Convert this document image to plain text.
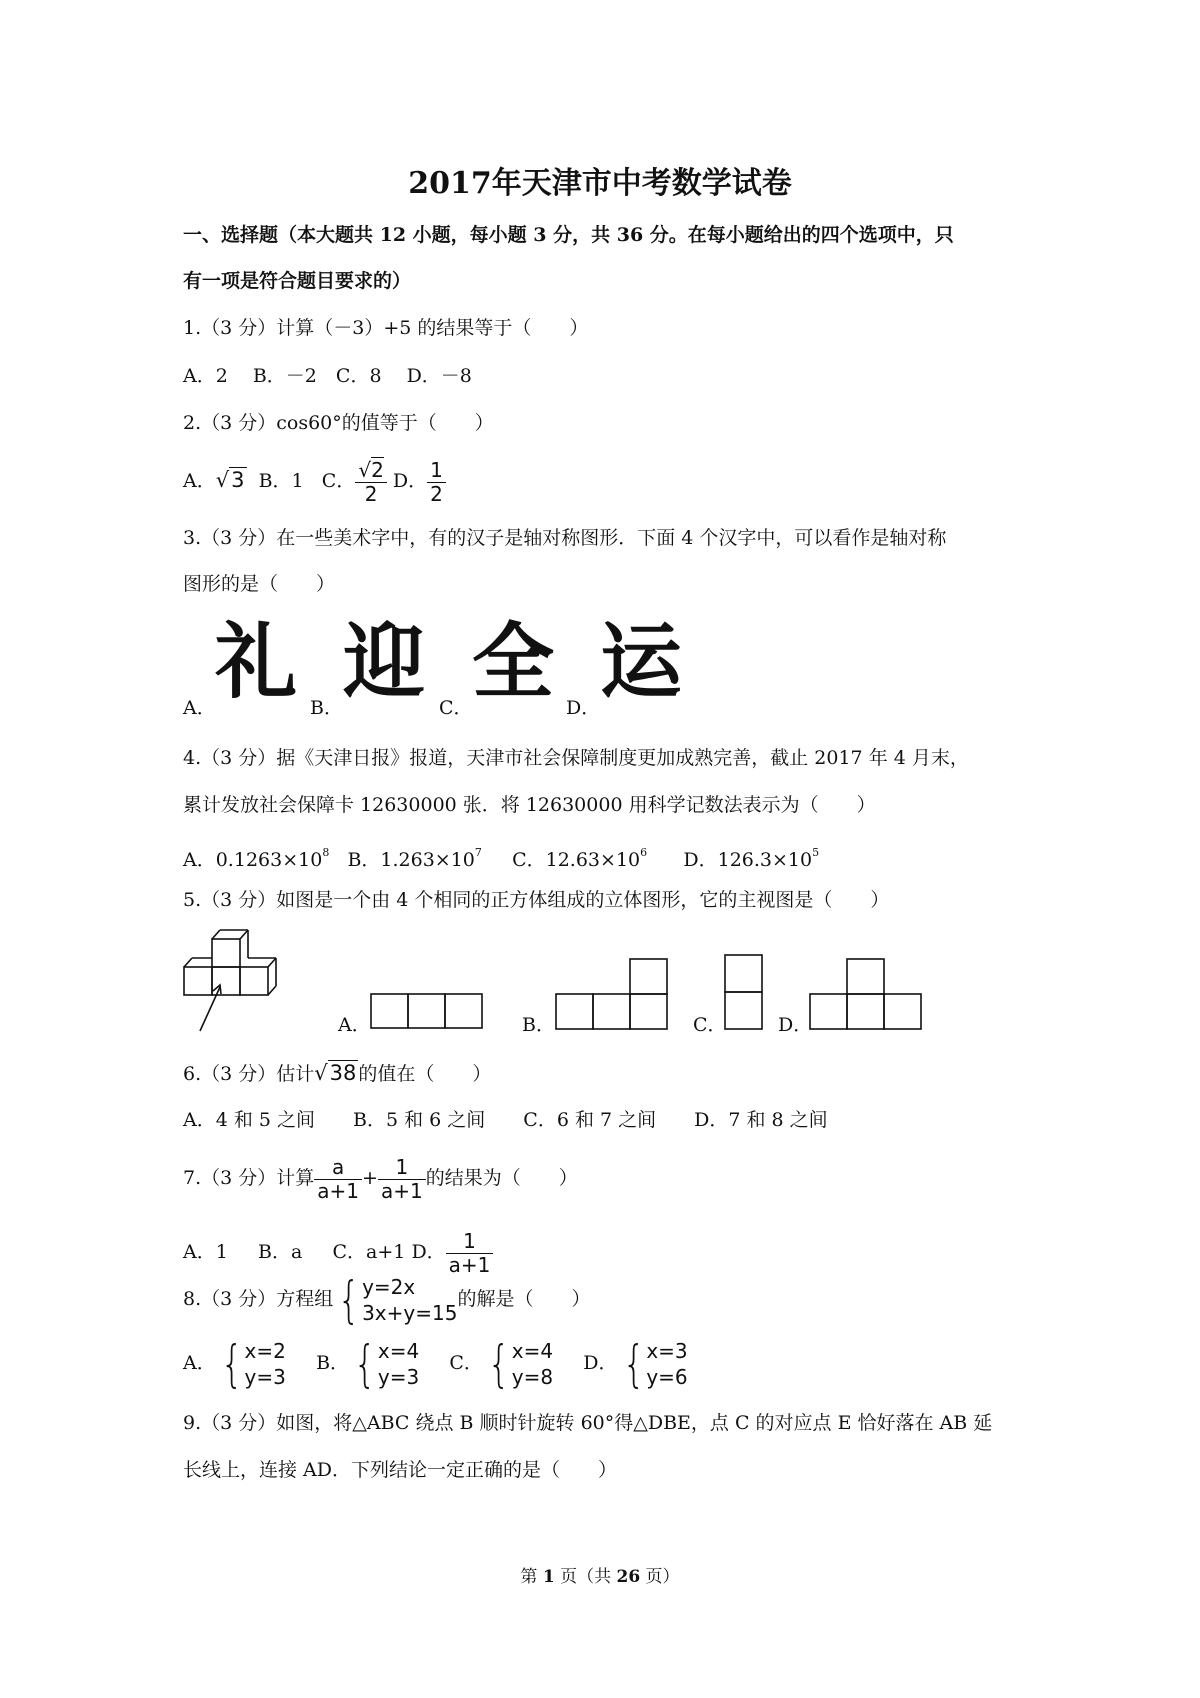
2017年天津市中考数学试卷
一、选择题（本大题共 12 小题，每小题 3 分，共 36 分。在每小题给出的四个选项中，只
有一项是符合题目要求的）
1.（3 分）计算（－3）+5 的结果等于（　　）
A．2　 B．－2　C．8　 D．－8
2.（3 分）cos60°的值等于（　　）
A．√3 B．1 C． $\frac{√2}{2}$ D． $\frac{1}{2}$
3.（3 分）在一些美术字中，有的汉子是轴对称图形．下面 4 个汉字中，可以看作是轴对称
图形的是（　　）
礼 迎 全 运
A．	B．	C．	D．
4.（3 分）据《天津日报》报道，天津市社会保障制度更加成熟完善，截止 2017 年 4 月末，
累计发放社会保障卡 12630000 张．将 12630000 用科学记数法表示为（　　）
A．$0.1263\times 10^8$ B．$1.263\times 10^7$ C．$12.63\times 10^6$ D．$126.3\times 10^5$
5.（3 分）如图是一个由 4 个相同的正方体组成的立体图形，它的主视图是（　　）
A．	B．	C．	D．
6.（3 分）估计√38 的值在（　　）
A．4 和 5 之间　　B．5 和 6 之间　　C．6 和 7 之间　　D．7 和 8 之间
7.（3 分）计算 $\frac{a}{a+1} + \frac{1}{a+1}$ 的结果为（　　）
A．1 B．a C．a+1 D． $\frac{1}{a+1}$
8.（3 分）方程组{ y=2x
3x+y=15
的解是（　　）
A．{ x=2
y=3
B．{ x=4
y=3
C．{ x=4
y=8
D．{ x=3
y=6
9.（3 分）如图，将△ABC 绕点 B 顺时针旋转 60°得△DBE，点 C 的对应点 E 恰好落在 AB 延
长线上，连接 AD．下列结论一定正确的是（　　）
第 1 页（共 26 页）
